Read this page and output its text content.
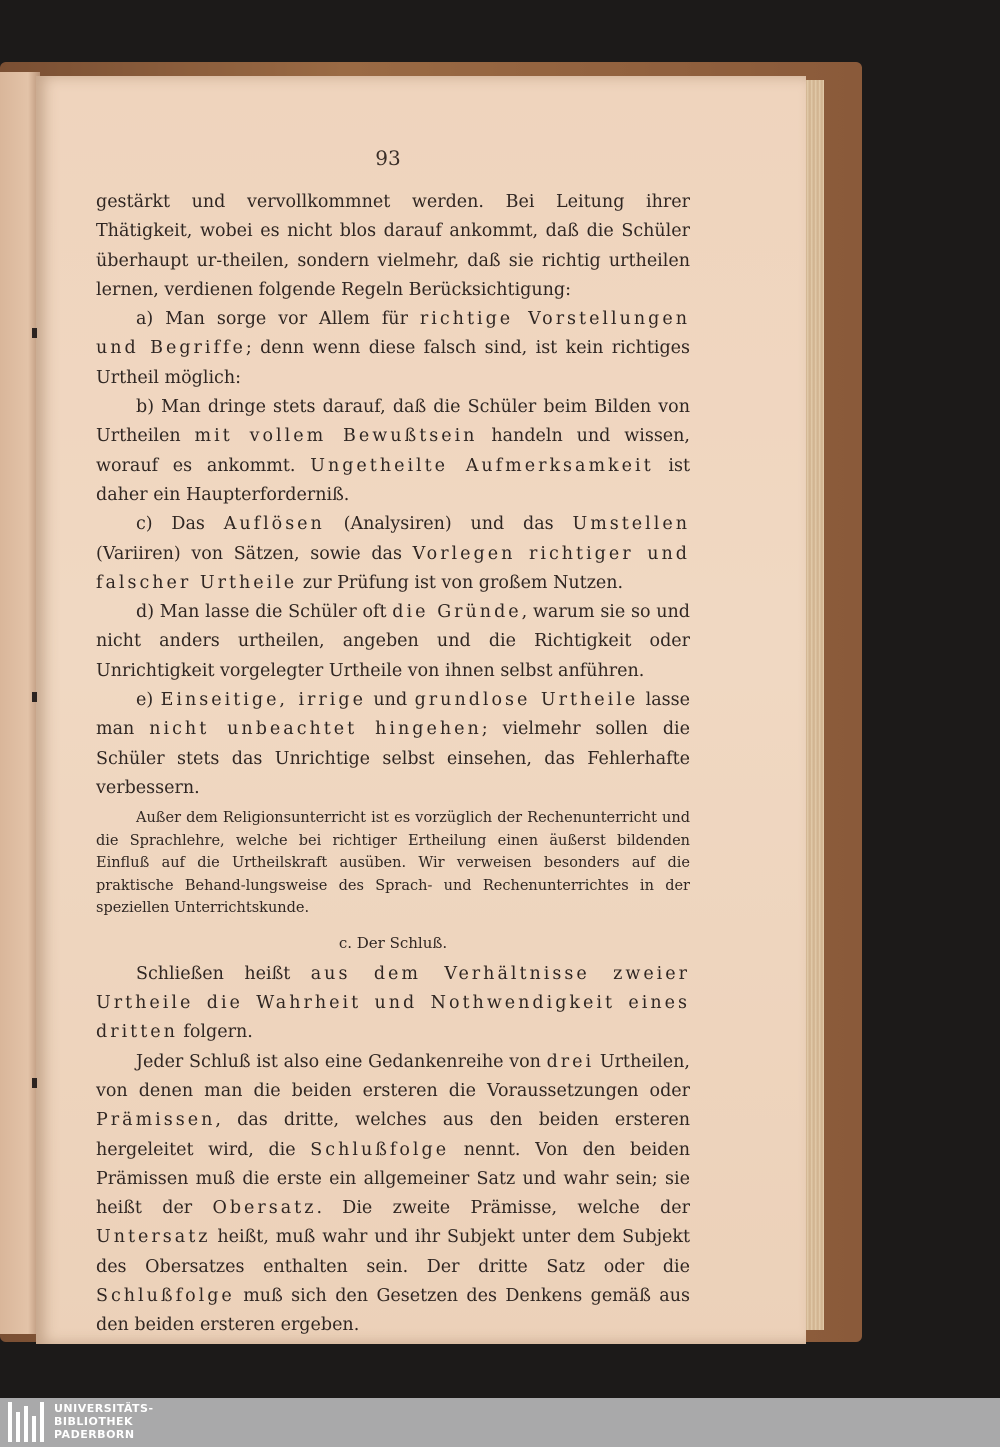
93

gestärkt und vervollkommnet werden. Bei Leitung ihrer Thätigkeit, wobei es nicht blos darauf ankommt, daß die Schüler überhaupt ur-theilen, sondern vielmehr, daß sie richtig urtheilen lernen, verdienen folgende Regeln Berücksichtigung:

a) Man sorge vor Allem für richtige Vorstellungen und Begriffe; denn wenn diese falsch sind, ist kein richtiges Urtheil möglich:

b) Man dringe stets darauf, daß die Schüler beim Bilden von Urtheilen mit vollem Bewußtsein handeln und wissen, worauf es ankommt. Ungetheilte Aufmerksamkeit ist daher ein Haupterforderniß.

c) Das Auflösen (Analysiren) und das Umstellen (Variiren) von Sätzen, sowie das Vorlegen richtiger und falscher Urtheile zur Prüfung ist von großem Nutzen.

d) Man lasse die Schüler oft die Gründe, warum sie so und nicht anders urtheilen, angeben und die Richtigkeit oder Unrichtigkeit vorgelegter Urtheile von ihnen selbst anführen.

e) Einseitige, irrige und grundlose Urtheile lasse man nicht unbeachtet hingehen; vielmehr sollen die Schüler stets das Unrichtige selbst einsehen, das Fehlerhafte verbessern.

Außer dem Religionsunterricht ist es vorzüglich der Rechenunterricht und die Sprachlehre, welche bei richtiger Ertheilung einen äußerst bildenden Einfluß auf die Urtheilskraft ausüben. Wir verweisen besonders auf die praktische Behand-lungsweise des Sprach- und Rechenunterrichtes in der speziellen Unterrichtskunde.

c. Der Schluß.

Schließen heißt aus dem Verhältnisse zweier Urtheile die Wahrheit und Nothwendigkeit eines dritten folgern.

Jeder Schluß ist also eine Gedankenreihe von drei Urtheilen, von denen man die beiden ersteren die Voraussetzungen oder Prämissen, das dritte, welches aus den beiden ersteren hergeleitet wird, die Schlußfolge nennt. Von den beiden Prämissen muß die erste ein allgemeiner Satz und wahr sein; sie heißt der Obersatz. Die zweite Prämisse, welche der Untersatz heißt, muß wahr und ihr Subjekt unter dem Subjekt des Obersatzes enthalten sein. Der dritte Satz oder die Schlußfolge muß sich den Gesetzen des Denkens gemäß aus den beiden ersteren ergeben.

UNIVERSITÄTS-
BIBLIOTHEK
PADERBORN
